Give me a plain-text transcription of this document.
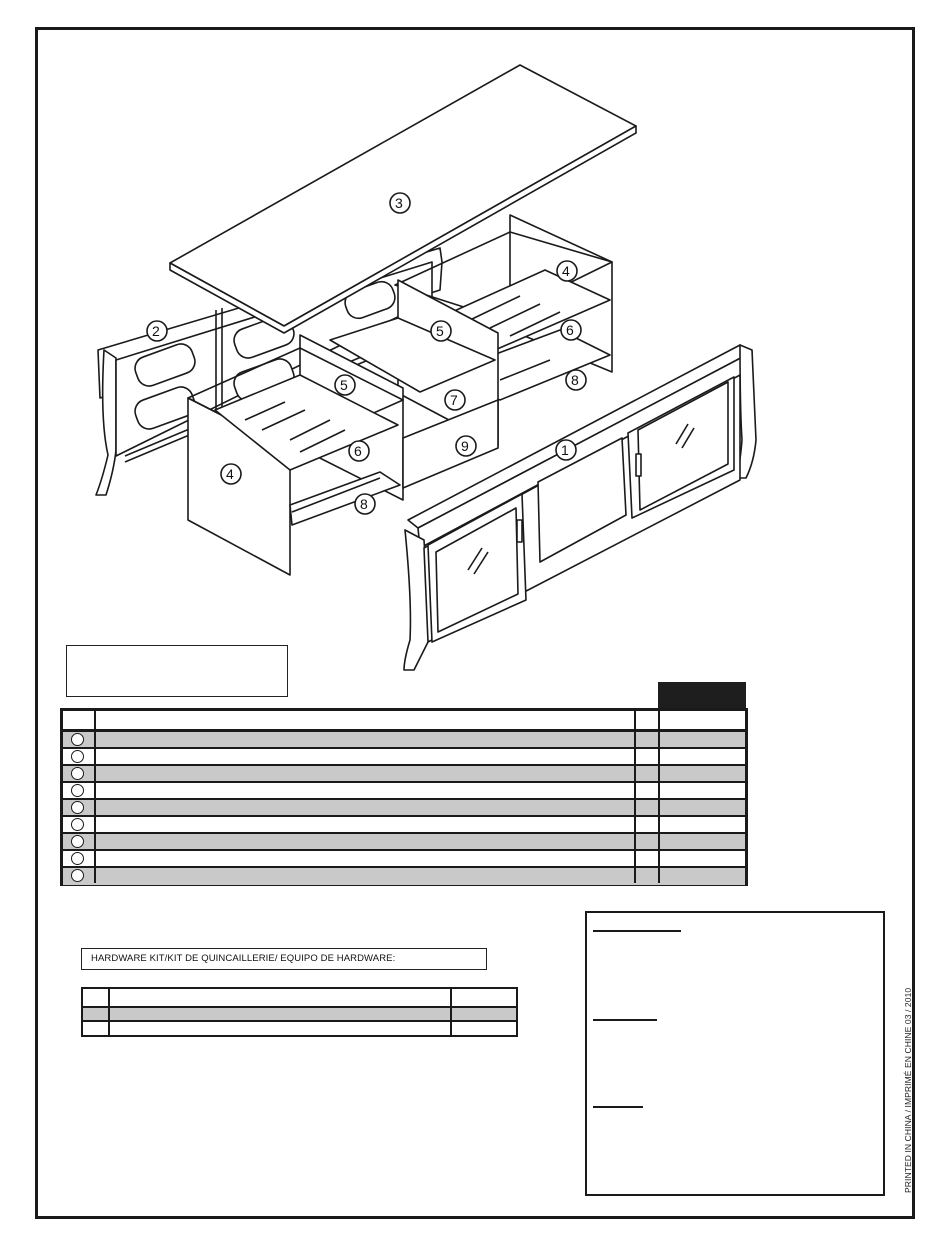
3
2
4
5	6
8
5
7
6	9	1
4
8
HARDWARE KIT/KIT DE QUINCAILLERIE/ EQUIPO DE HARDWARE:
PRINTED IN CHINA / IMPRIMÉ EN CHINE 03 / 2010
